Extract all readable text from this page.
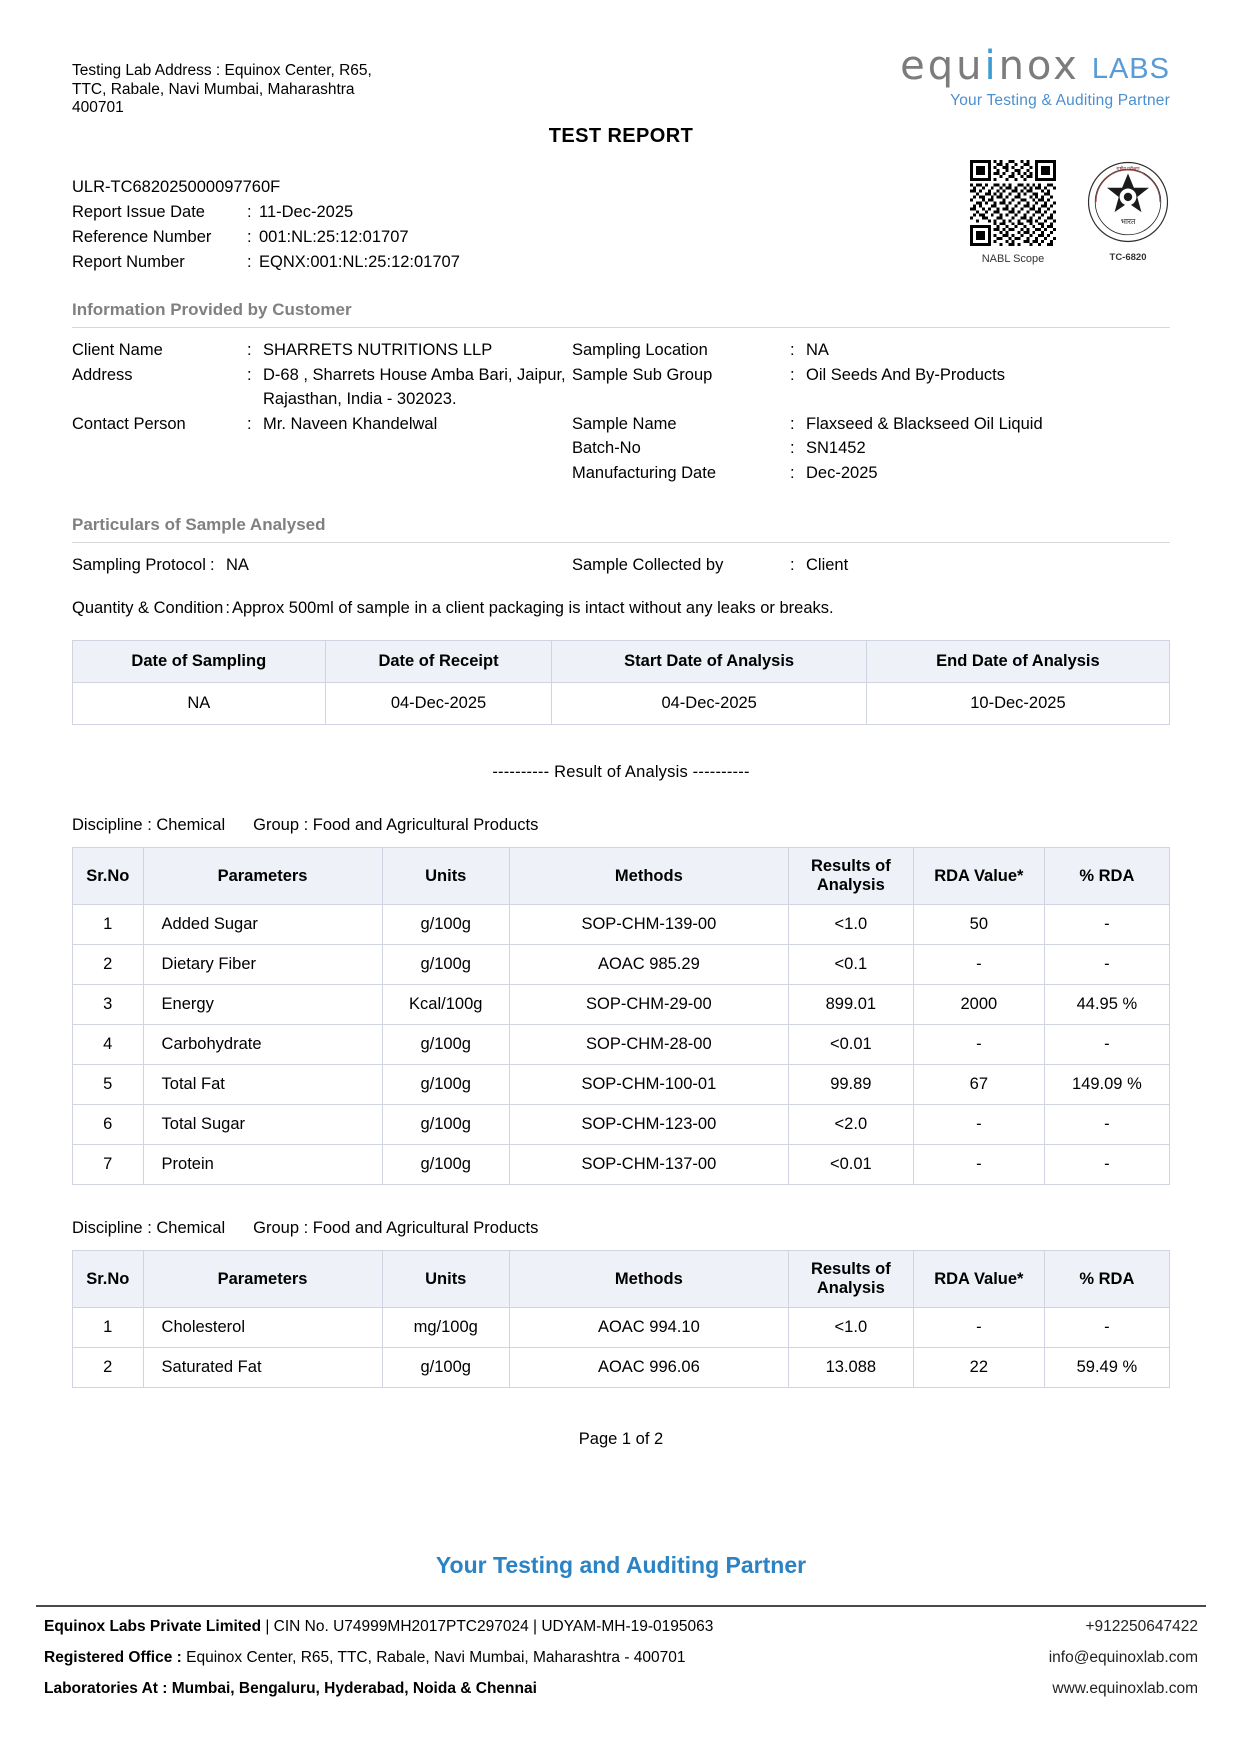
Testing Lab Address : Equinox Center, R65, TTC, Rabale, Navi Mumbai, Maharashtra 400701
TEST REPORT
equinox LABS
Your Testing & Auditing Partner
NABL Scope
भारत
राष्ट्रीय परीक्षण
TC-6820
ULR-TC682025000097760F
Report Issue Date	: 11-Dec-2025
Reference Number	: 001:NL:25:12:01707
Report Number	: EQNX:001:NL:25:12:01707
Information Provided by Customer
Client Name	: SHARRETS NUTRITIONS LLP
Address	: D-68 , Sharrets House Amba Bari, Jaipur, Rajasthan, India - 302023.
Contact Person	: Mr. Naveen Khandelwal
Sampling Location	: NA
Sample Sub Group	: Oil Seeds And By-Products
Sample Name	: Flaxseed & Blackseed Oil Liquid
Batch-No	: SN1452
Manufacturing Date	: Dec-2025
Particulars of Sample Analysed
Sampling Protocol : NA	Sample Collected by	: Client
Quantity & Condition : Approx 500ml of sample in a client packaging is intact without any leaks or breaks.
Date of Sampling	Date of Receipt	Start Date of Analysis	End Date of Analysis
NA	04-Dec-2025	04-Dec-2025	10-Dec-2025
---------- Result of Analysis ----------
Discipline : Chemical Group : Food and Agricultural Products
Sr.No	Parameters	Units	Methods	Results of Analysis	RDA Value*	% RDA
1	Added Sugar	g/100g	SOP-CHM-139-00	<1.0	50	-
2	Dietary Fiber	g/100g	AOAC 985.29	<0.1	-	-
3	Energy	Kcal/100g	SOP-CHM-29-00	899.01	2000	44.95 %
4	Carbohydrate	g/100g	SOP-CHM-28-00	<0.01	-	-
5	Total Fat	g/100g	SOP-CHM-100-01	99.89	67	149.09 %
6	Total Sugar	g/100g	SOP-CHM-123-00	<2.0	-	-
7	Protein	g/100g	SOP-CHM-137-00	<0.01	-	-
Discipline : Chemical Group : Food and Agricultural Products
Sr.No	Parameters	Units	Methods	Results of Analysis	RDA Value*	% RDA
1	Cholesterol	mg/100g	AOAC 994.10	<1.0	-	-
2	Saturated Fat	g/100g	AOAC 996.06	13.088	22	59.49 %
Page 1 of 2
Your Testing and Auditing Partner
Equinox Labs Private Limited | CIN No. U74999MH2017PTC297024 | UDYAM-MH-19-0195063	+912250647422
Registered Office : Equinox Center, R65, TTC, Rabale, Navi Mumbai, Maharashtra - 400701	info@equinoxlab.com
Laboratories At : Mumbai, Bengaluru, Hyderabad, Noida & Chennai	www.equinoxlab.com
